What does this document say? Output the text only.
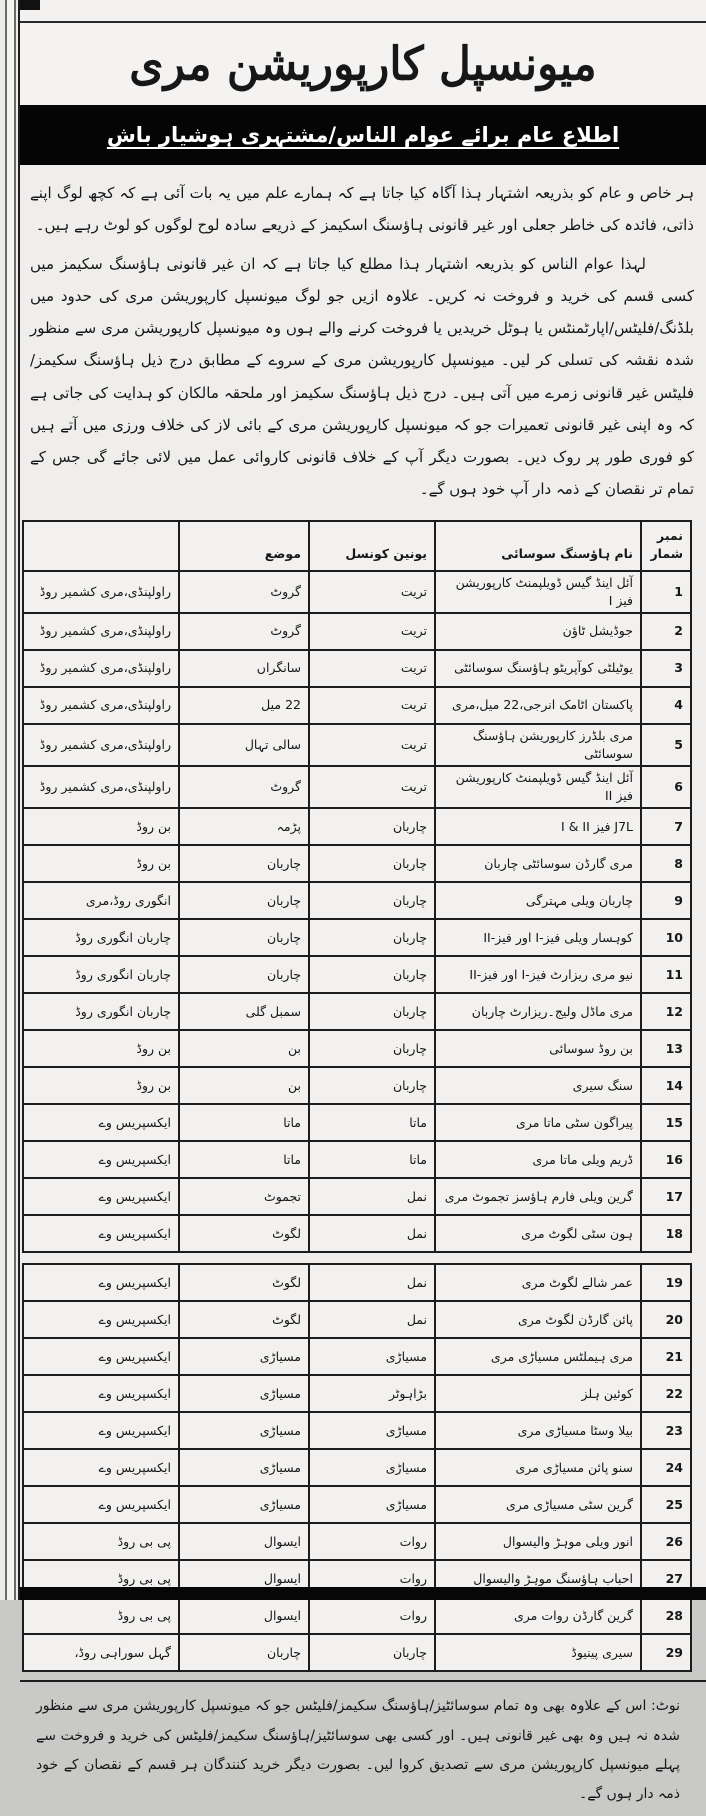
میونسپل کارپوریشن مری
اطلاع عام برائے عوام الناس/مشتہری ہوشیار باش

ہر خاص و عام کو بذریعہ اشتہار ہذا آگاہ کیا جاتا ہے کہ ہمارے علم میں یہ بات آئی ہے کہ کچھ لوگ اپنے ذاتی، فائدہ کی خاطر جعلی اور غیر قانونی ہاؤسنگ اسکیمز کے ذریعے سادہ لوح لوگوں کو لوٹ رہے ہیں۔

لہذا عوام الناس کو بذریعہ اشتہار ہذا مطلع کیا جاتا ہے کہ ان غیر قانونی ہاؤسنگ سکیمز میں کسی قسم کی خرید و فروخت نہ کریں۔ علاوہ ازیں جو لوگ میونسپل کارپوریشن مری کی حدود میں بلڈنگ/فلیٹس/اپارٹمنٹس یا ہوٹل خریدیں یا فروخت کرنے والے ہوں وہ میونسپل کارپوریشن مری سے منظور شدہ نقشہ کی تسلی کر لیں۔ میونسپل کارپوریشن مری کے سروے کے مطابق درج ذیل ہاؤسنگ سکیمز/فلیٹس غیر قانونی زمرے میں آتی ہیں۔ درج ذیل ہاؤسنگ سکیمز اور ملحقہ مالکان کو ہدایت کی جاتی ہے کہ وہ اپنی غیر قانونی تعمیرات جو کہ میونسپل کارپوریشن مری کے بائی لاز کی خلاف ورزی میں آتے ہیں کو فوری طور پر روک دیں۔ بصورت دیگر آپ کے خلاف قانونی کاروائی عمل میں لائی جائے گی جس کے تمام تر نقصان کے ذمہ دار آپ خود ہوں گے۔

نمبر شمار	نام ہاؤسنگ سوسائی	یونین کونسل	موضع	
1	آئل اینڈ گیس ڈویلپمنٹ کارپوریشن فیز I	تریت	گروٹ	راولپنڈی،مری کشمیر روڈ
2	جوڈیشل ٹاؤن	تریت	گروٹ	راولپنڈی،مری کشمیر روڈ
3	یوٹیلٹی کوآپریٹو ہاؤسنگ سوسائٹی	تریت	سانگراں	راولپنڈی،مری کشمیر روڈ
4	پاکستان اٹامک انرجی،22 میل،مری	تریت	22 میل	راولپنڈی،مری کشمیر روڈ
5	مری بلڈرز کارپوریشن ہاؤسنگ سوسائٹی	تریت	سالی تہال	راولپنڈی،مری کشمیر روڈ
6	آئل اینڈ گیس ڈویلپمنٹ کارپوریشن فیز II	تریت	گروٹ	راولپنڈی،مری کشمیر روڈ
7	J7L فیز I & II	چاربان	پڑمہ	بن روڈ
8	مری گارڈن سوسائٹی چاربان	چاربان	چاربان	بن روڈ
9	چاربان ویلی مہترگی	چاربان	چاربان	انگوری روڈ،مری
10	کوہسار ویلی فیز-I اور فیز-II	چاربان	چاربان	چاربان انگوری روڈ
11	نیو مری ریزارٹ فیز-I اور فیز-II	چاربان	چاربان	چاربان انگوری روڈ
12	مری ماڈل ولیج۔ریزارٹ چاربان	چاربان	سمبل گلی	چاربان انگوری روڈ
13	بن روڈ سوسائی	چاربان	بن	بن روڈ
14	سنگ سیری	چاربان	بن	بن روڈ
15	پیراگون سٹی ماتا مری	ماتا	ماتا	ایکسپریس وے
16	ڈریم ویلی ماتا مری	ماتا	ماتا	ایکسپریس وے
17	گرین ویلی فارم ہاؤسز تجموٹ مری	نمل	تجموٹ	ایکسپریس وے
18	ہون سٹی لگوٹ مری	نمل	لگوٹ	ایکسپریس وے
19	عمر شالے لگوٹ مری	نمل	لگوٹ	ایکسپریس وے
20	پائن گارڈن لگوٹ مری	نمل	لگوٹ	ایکسپریس وے
21	مری ہیملٹس مسیاڑی مری	مسیاڑی	مسیاڑی	ایکسپریس وے
22	کوئین ہلز	بڑاہوٹر	مسیاڑی	ایکسپریس وے
23	بیلا وسٹا مسیاڑی مری	مسیاڑی	مسیاڑی	ایکسپریس وے
24	سنو پائن مسیاڑی مری	مسیاڑی	مسیاڑی	ایکسپریس وے
25	گرین سٹی مسیاڑی مری	مسیاڑی	مسیاڑی	ایکسپریس وے
26	انور ویلی موہڑ والیسوال	روات	ایسوال	پی بی روڈ
27	احباب ہاؤسنگ موہڑ والیسوال	روات	ایسوال	پی بی روڈ
28	گرین گارڈن روات مری	روات	ایسوال	پی بی روڈ
29	سیری پینیوڈ	چاربان	چاربان	گہل سوراہی روڈ،

نوٹ: اس کے علاوہ بھی وہ تمام سوسائٹیز/ہاؤسنگ سکیمز/فلیٹس جو کہ میونسپل کارپوریشن مری سے منظور شدہ نہ ہیں وہ بھی غیر قانونی ہیں۔ اور کسی بھی سوسائٹیز/ہاؤسنگ سکیمز/فلیٹس کی خرید و فروخت سے پہلے میونسپل کارپوریشن مری سے تصدیق کروا لیں۔ بصورت دیگر خرید کنندگان ہر قسم کے نقصان کے خود ذمہ دار ہوں گے۔
